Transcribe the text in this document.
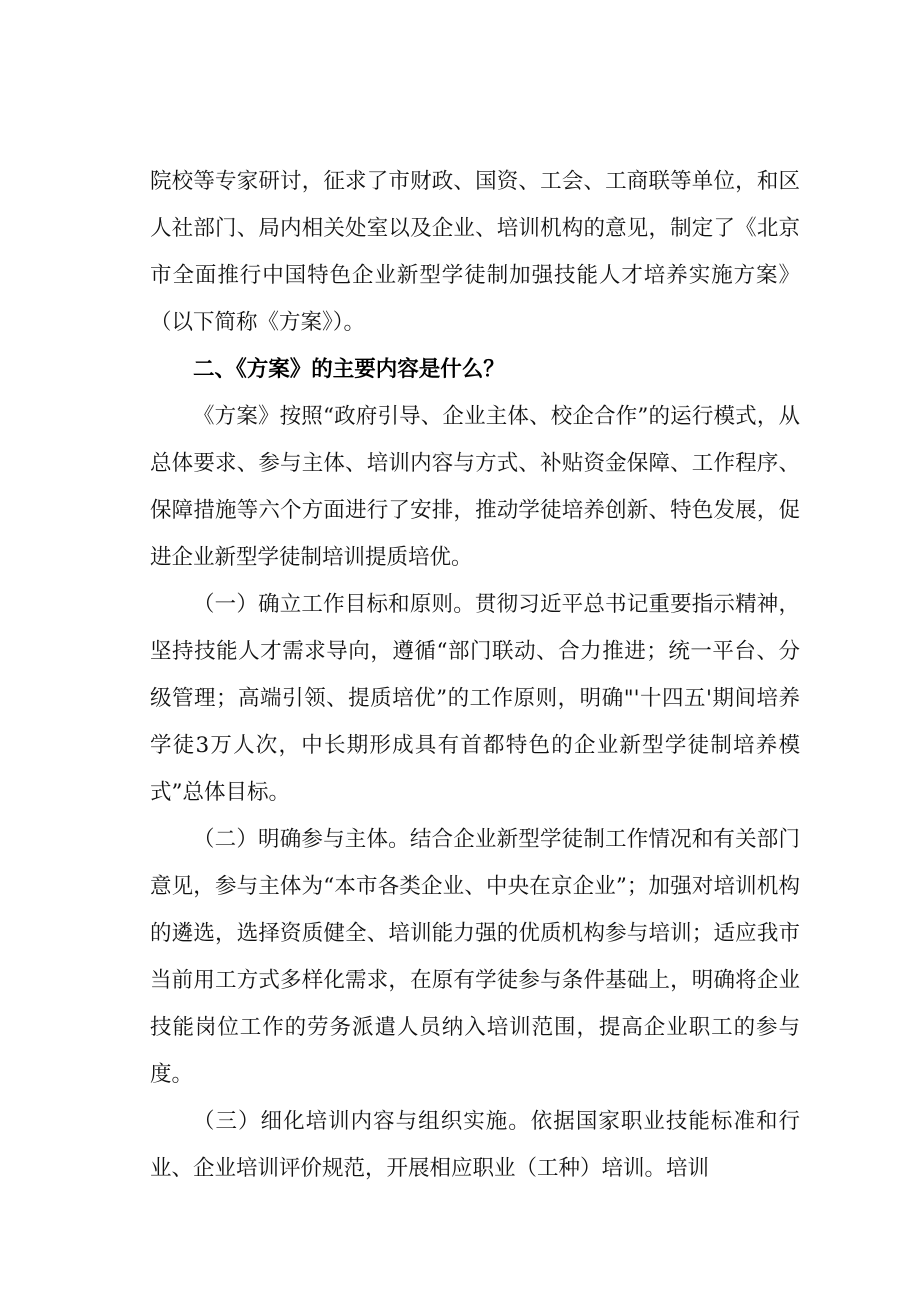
院校等专家研讨，征求了市财政、国资、工会、工商联等单位，和区人社部门、局内相关处室以及企业、培训机构的意见，制定了《北京市全面推行中国特色企业新型学徒制加强技能人才培养实施方案》（以下简称《方案》）。

二、《方案》的主要内容是什么？

《方案》按照“政府引导、企业主体、校企合作”的运行模式，从总体要求、参与主体、培训内容与方式、补贴资金保障、工作程序、保障措施等六个方面进行了安排，推动学徒培养创新、特色发展，促进企业新型学徒制培训提质培优。

（一）确立工作目标和原则。贯彻习近平总书记重要指示精神，坚持技能人才需求导向，遵循“部门联动、合力推进；统一平台、分级管理；高端引领、提质培优”的工作原则，明确"'十四五'期间培养学徒3万人次，中长期形成具有首都特色的企业新型学徒制培养模式”总体目标。

（二）明确参与主体。结合企业新型学徒制工作情况和有关部门意见，参与主体为“本市各类企业、中央在京企业”；加强对培训机构的遴选，选择资质健全、培训能力强的优质机构参与培训；适应我市当前用工方式多样化需求，在原有学徒参与条件基础上，明确将企业技能岗位工作的劳务派遣人员纳入培训范围，提高企业职工的参与度。

（三）细化培训内容与组织实施。依据国家职业技能标准和行业、企业培训评价规范，开展相应职业（工种）培训。培训
